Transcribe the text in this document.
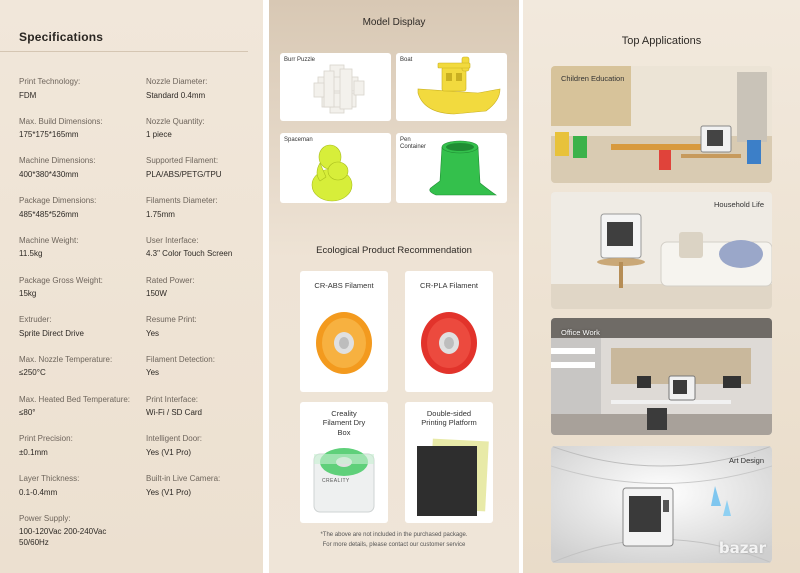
Specifications
Print Technology:
FDM
Max. Build Dimensions:
175*175*165mm
Machine Dimensions:
400*380*430mm
Package Dimensions:
485*485*526mm
Machine Weight:
11.5kg
Package Gross Weight:
15kg
Extruder:
Sprite Direct Drive
Max. Nozzle Temperature:
≤250°C
Max. Heated Bed Temperature:
≤80°
Print Precision:
±0.1mm
Layer Thickness:
0.1-0.4mm
Power Supply:
100-120Vac 200-240Vac 50/60Hz
Nozzle Diameter:
Standard 0.4mm
Nozzle Quantity:
1 piece
Supported Filament:
PLA/ABS/PETG/TPU
Filaments Diameter:
1.75mm
User Interface:
4.3" Color Touch Screen
Rated Power:
150W
Resume Print:
Yes
Filament Detection:
Yes
Print Interface:
Wi-Fi / SD Card
Intelligent Door:
Yes (V1 Pro)
Built-in Live Camera:
Yes (V1 Pro)
Model Display
Burr Puzzle	Boat
Spaceman	Pen Container
Ecological Product Recommendation
CR-ABS Filament	CR-PLA Filament
Creality Filament Dry Box
CREALITY
Double-sided Printing Platform
*The above are not included in the purchased package.
For more details, please contact our customer service
Top Applications
Children Education
Household Life
Office Work
Art Design
bazar
